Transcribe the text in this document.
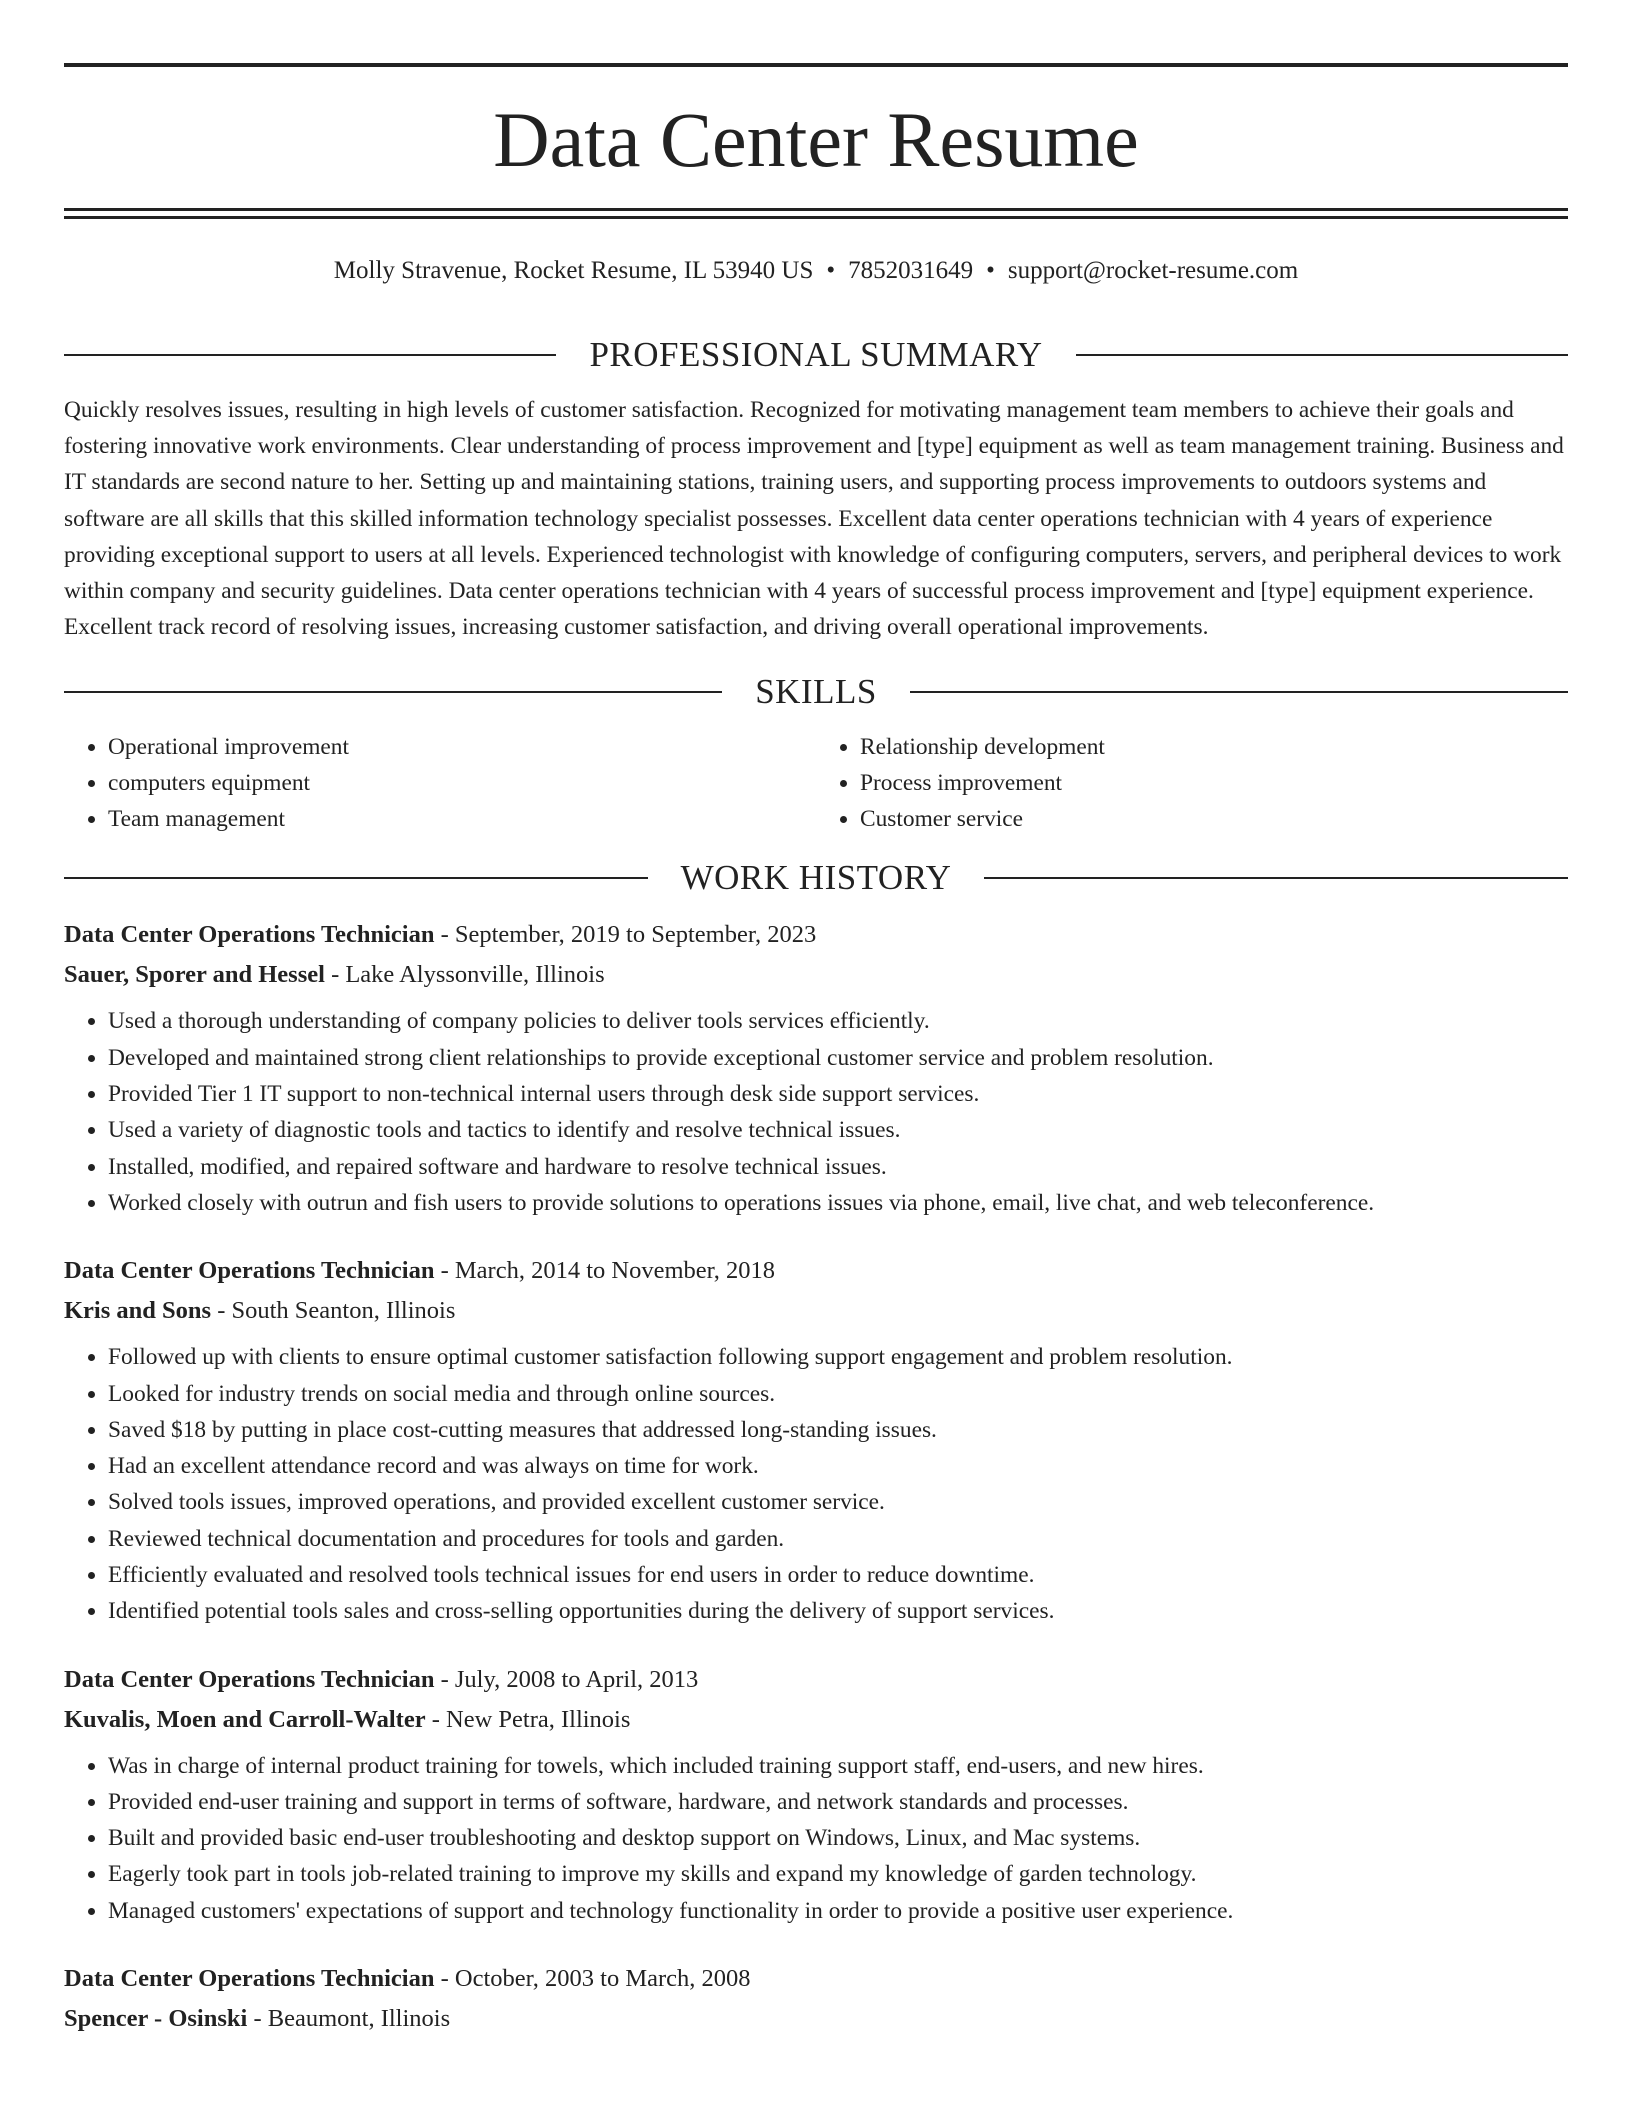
Data Center Resume
Molly Stravenue, Rocket Resume, IL 53940 US • 7852031649 • support@rocket-resume.com
PROFESSIONAL SUMMARY

Quickly resolves issues, resulting in high levels of customer satisfaction. Recognized for motivating management team members to achieve their goals and fostering innovative work environments. Clear understanding of process improvement and [type] equipment as well as team management training. Business and IT standards are second nature to her. Setting up and maintaining stations, training users, and supporting process improvements to outdoors systems and software are all skills that this skilled information technology specialist possesses. Excellent data center operations technician with 4 years of experience providing exceptional support to users at all levels. Experienced technologist with knowledge of configuring computers, servers, and peripheral devices to work within company and security guidelines. Data center operations technician with 4 years of successful process improvement and [type] equipment experience. Excellent track record of resolving issues, increasing customer satisfaction, and driving overall operational improvements.

SKILLS
• Operational improvement
• computers equipment
• Team management
• Relationship development
• Process improvement
• Customer service
WORK HISTORY
Data Center Operations Technician - September, 2019 to September, 2023
Sauer, Sporer and Hessel - Lake Alyssonville, Illinois
• Used a thorough understanding of company policies to deliver tools services efficiently.
• Developed and maintained strong client relationships to provide exceptional customer service and problem resolution.
• Provided Tier 1 IT support to non-technical internal users through desk side support services.
• Used a variety of diagnostic tools and tactics to identify and resolve technical issues.
• Installed, modified, and repaired software and hardware to resolve technical issues.
• Worked closely with outrun and fish users to provide solutions to operations issues via phone, email, live chat, and web teleconference.
Data Center Operations Technician - March, 2014 to November, 2018
Kris and Sons - South Seanton, Illinois
• Followed up with clients to ensure optimal customer satisfaction following support engagement and problem resolution.
• Looked for industry trends on social media and through online sources.
• Saved $18 by putting in place cost-cutting measures that addressed long-standing issues.
• Had an excellent attendance record and was always on time for work.
• Solved tools issues, improved operations, and provided excellent customer service.
• Reviewed technical documentation and procedures for tools and garden.
• Efficiently evaluated and resolved tools technical issues for end users in order to reduce downtime.
• Identified potential tools sales and cross-selling opportunities during the delivery of support services.
Data Center Operations Technician - July, 2008 to April, 2013
Kuvalis, Moen and Carroll-Walter - New Petra, Illinois
• Was in charge of internal product training for towels, which included training support staff, end-users, and new hires.
• Provided end-user training and support in terms of software, hardware, and network standards and processes.
• Built and provided basic end-user troubleshooting and desktop support on Windows, Linux, and Mac systems.
• Eagerly took part in tools job-related training to improve my skills and expand my knowledge of garden technology.
• Managed customers' expectations of support and technology functionality in order to provide a positive user experience.
Data Center Operations Technician - October, 2003 to March, 2008
Spencer - Osinski - Beaumont, Illinois
